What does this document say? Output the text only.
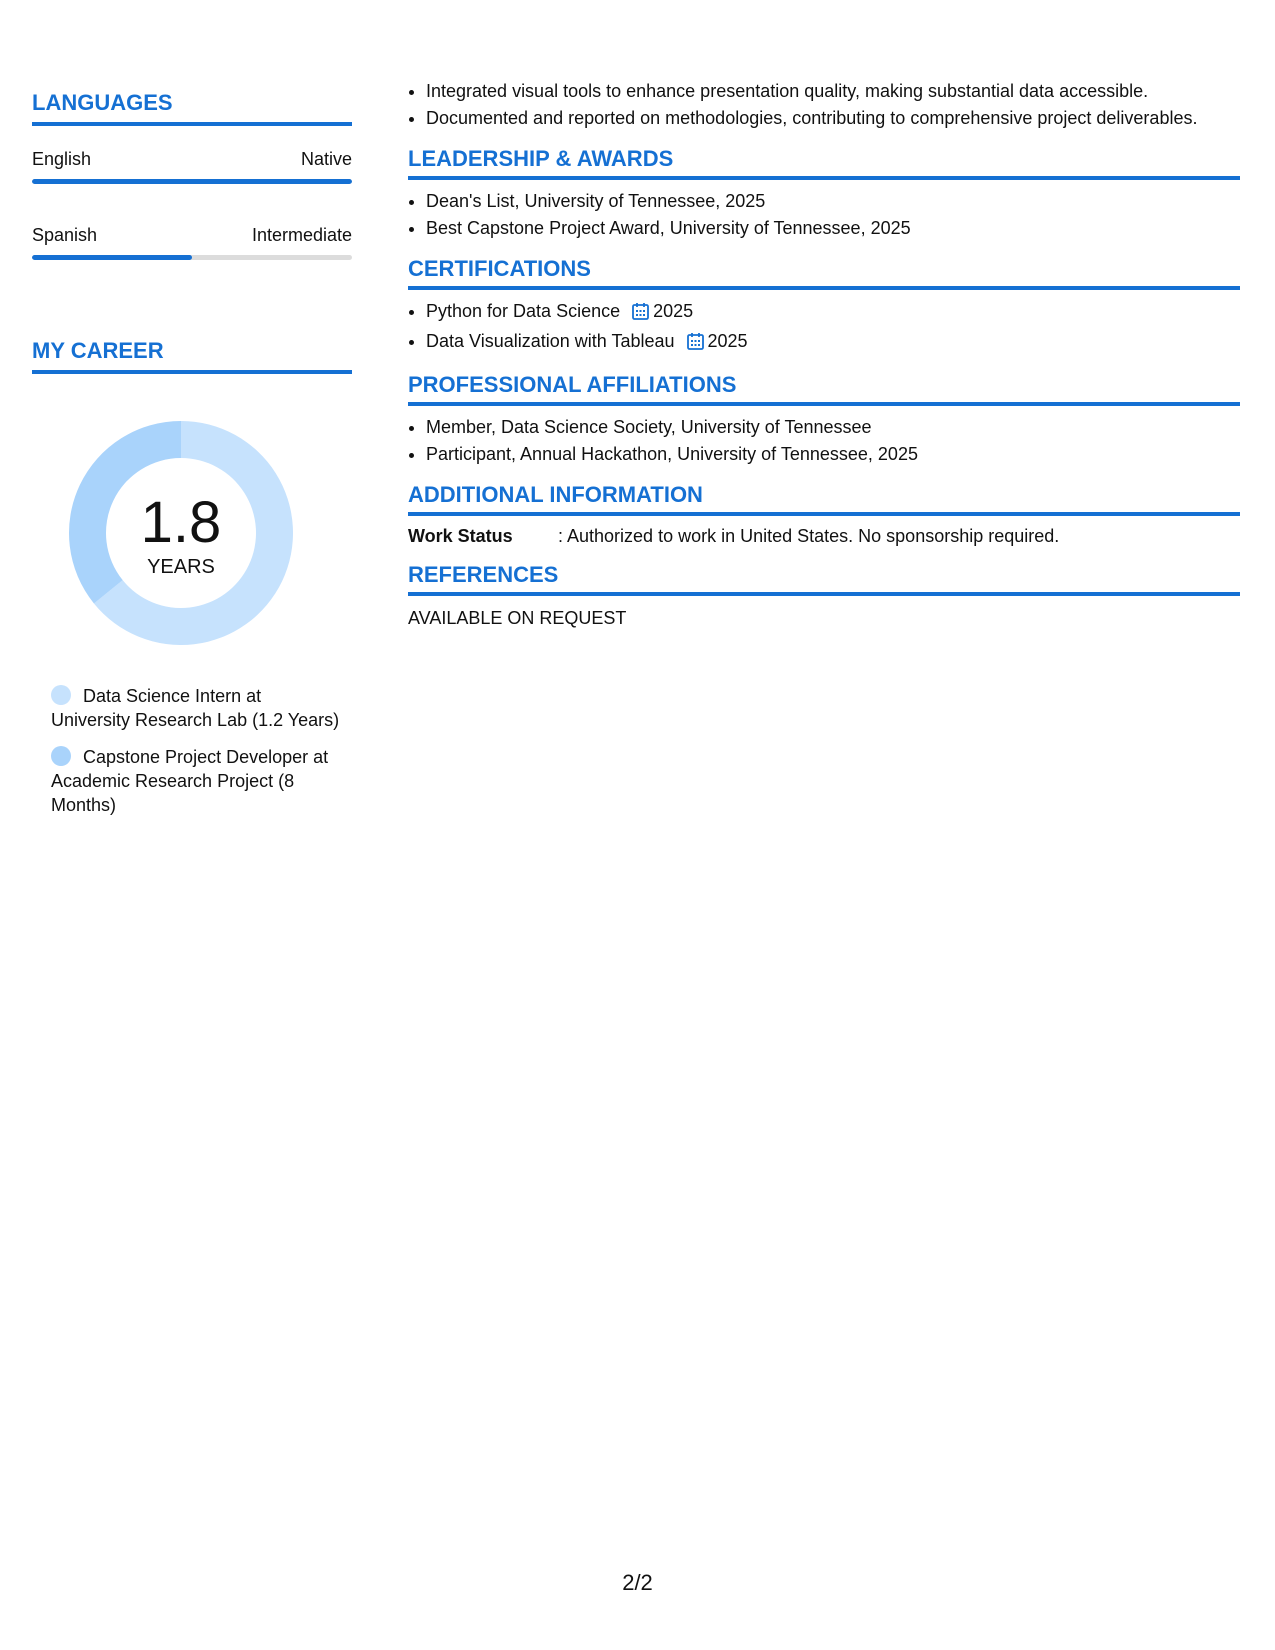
LANGUAGES
English	Native
Spanish	Intermediate
MY CAREER
1.8
YEARS
Data Science Intern at University Research Lab (1.2 Years)
Capstone Project Developer at Academic Research Project (8 Months)
• Integrated visual tools to enhance presentation quality, making substantial data accessible.
• Documented and reported on methodologies, contributing to comprehensive project deliverables.
LEADERSHIP & AWARDS
• Dean's List, University of Tennessee, 2025
• Best Capstone Project Award, University of Tennessee, 2025
CERTIFICATIONS
• Python for Data Science 2025
• Data Visualization with Tableau 2025
PROFESSIONAL AFFILIATIONS
• Member, Data Science Society, University of Tennessee
• Participant, Annual Hackathon, University of Tennessee, 2025
ADDITIONAL INFORMATION
Work Status	: Authorized to work in United States. No sponsorship required.
REFERENCES
AVAILABLE ON REQUEST
2/2
